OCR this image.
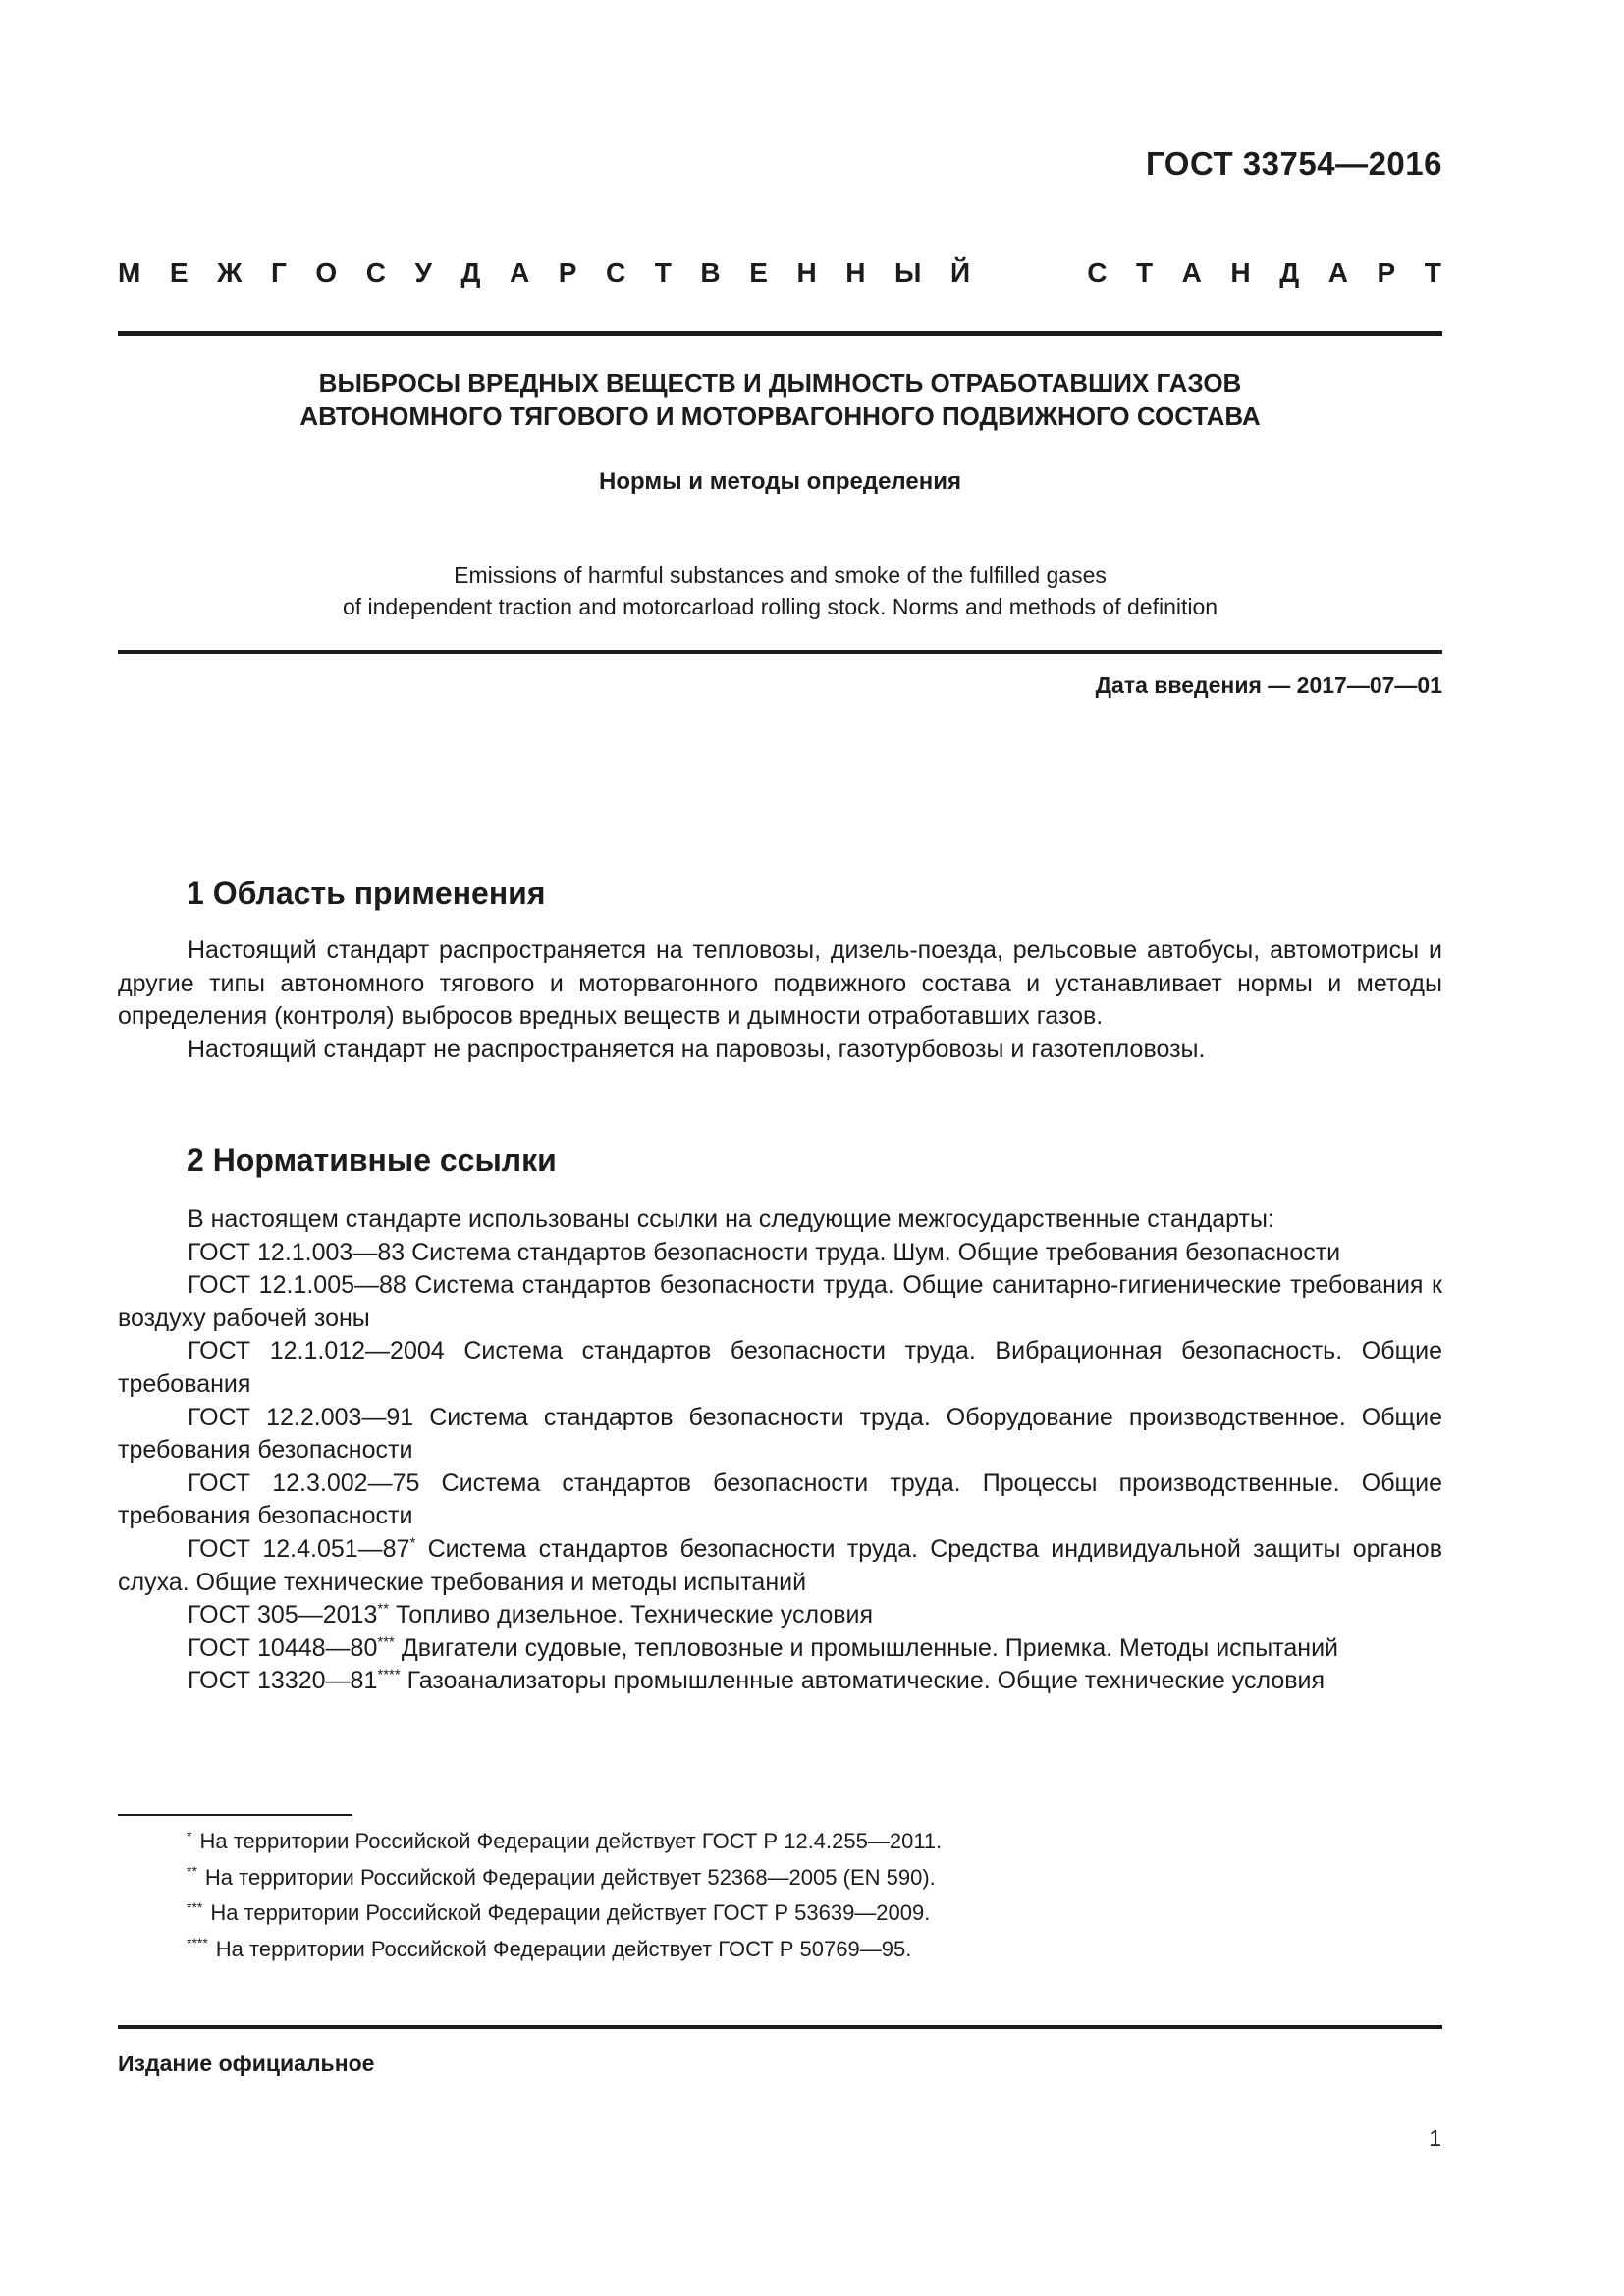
ГОСТ 33754—2016
М Е Ж Г О С У Д А Р С Т В Е Н Н Ы Й	С Т А Н Д А Р Т
ВЫБРОСЫ ВРЕДНЫХ ВЕЩЕСТВ И ДЫМНОСТЬ ОТРАБОТАВШИХ ГАЗОВ
АВТОНОМНОГО ТЯГОВОГО И МОТОРВАГОННОГО ПОДВИЖНОГО СОСТАВА
Нормы и методы определения
Emissions of harmful substances and smoke of the fulfilled gases
of independent traction and motorcarload rolling stock. Norms and methods of definition
Дата введения — 2017—07—01
1 Область применения

Настоящий стандарт распространяется на тепловозы, дизель-поезда, рельсовые автобусы, автомотрисы и другие типы автономного тягового и моторвагонного подвижного состава и устанавливает нормы и методы определения (контроля) выбросов вредных веществ и дымности отработавших газов.

Настоящий стандарт не распространяется на паровозы, газотурбовозы и газотепловозы.

2 Нормативные ссылки

В настоящем стандарте использованы ссылки на следующие межгосударственные стандарты:

ГОСТ 12.1.003—83 Система стандартов безопасности труда. Шум. Общие требования безопасности

ГОСТ 12.1.005—88 Система стандартов безопасности труда. Общие санитарно-гигиенические требования к воздуху рабочей зоны

ГОСТ 12.1.012—2004 Система стандартов безопасности труда. Вибрационная безопасность. Общие требования

ГОСТ 12.2.003—91 Система стандартов безопасности труда. Оборудование производственное. Общие требования безопасности

ГОСТ 12.3.002—75 Система стандартов безопасности труда. Процессы производственные. Общие требования безопасности

ГОСТ 12.4.051—87* Система стандартов безопасности труда. Средства индивидуальной защиты органов слуха. Общие технические требования и методы испытаний

ГОСТ 305—2013** Топливо дизельное. Технические условия

ГОСТ 10448—80*** Двигатели судовые, тепловозные и промышленные. Приемка. Методы испытаний

ГОСТ 13320—81**** Газоанализаторы промышленные автоматические. Общие технические условия

* На территории Российской Федерации действует ГОСТ Р 12.4.255—2011.
** На территории Российской Федерации действует 52368—2005 (EN 590).
*** На территории Российской Федерации действует ГОСТ Р 53639—2009.
**** На территории Российской Федерации действует ГОСТ Р 50769—95.
Издание официальное
1
